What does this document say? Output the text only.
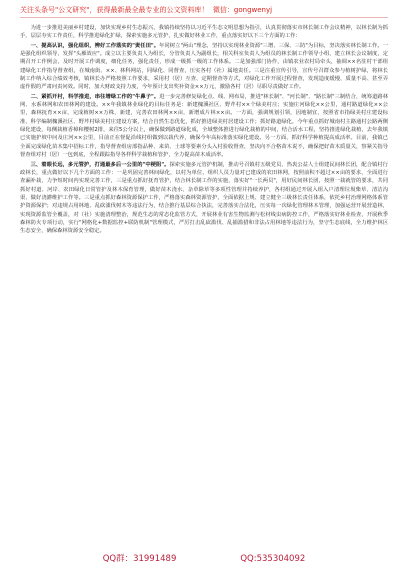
关注头条号"公文研究"，获得最新最全最专业的公文资料库！ 微信：gongwenyj

为进一步推进美丽乡村建设，加快实现乡村生态振兴，我镇持续坚持以习近平生态文明思想为指引，认真贯彻落实市林长制工作会议精神，以林长制为抓手，层层夯实工作责任，科学推进绿化扩绿，探索实施多元管护，扎实做好林业工作，重点落实好以下三个方面的工作：

一、提高认识，强化组织，辨好工作落实的"责任田"。年同树立"两山"理念，坚持以实现林业资源"三增、三保、三防"为目标，坚决落实林长制工作。一是强化组织领导，发挥"头雁效应"。成立以主要负责人为组长，分管负责人为副组长，相关科室负责人为组员的林长制工作领导小组，建立林长会议制度，定期召开工作例会，及时开展工作调度，细化任务，强化责任，形成一级抓一级的工作体系。二是加强部门协作，由镇农业农村局牵头，抽调××名驻村干部组建绿化工作指导督查组，在城南街、××、林科网站，同绿化、同督查，压实各村（社）属地责任。三是注重宣传引导，宣传号召群众参与植树护绿，将林长制工作纳入综合绩效考核，镇林长办严格按照工作要求，采用村（居）互查、定期督查等方式，对绿化工作开展过程督查，发现造度缓慢、质量不高、甚至弄虚作假的严肃问责问效。同时，加大财政支持力度，今年预计支出奖补资金××万元，激励各村（居）尽职尽责做好工作。

二、紧抓开村，科学推进，串往增绿工作的"牛鼻子"。进一步完善修复绿化点、线、网布局，推进"林长制"、"河长制"、"路长制"三制结合，统筹道路林网、水系林网和农田林网的建设。××年我镇林业绿化的目标任务是：新建槐溪社区、野芹村××个绿美村庄；实施庄河绿化××公里，通村路道绿化××公里，森林抚育××亩，完成植树××万株，新建，完善农田林网××亩，新增成片林××亩。一方面，强调规划引领，因地制宜，按照省市指绿美村庄建设标准，科学编制槐溪社区、野芹村绿美村庄建设方案，结合自然生态优化，抓好推进绿美村居建设工作；抓好路道绿化，今年重点抓好城南村主路通村公路两侧绿化建设，每侧栽植香樟和樱树2排，来往5公分以上，确保做到路道绿化成，全域整体推进行绿化栽植的中间，结合活水工程，坚持推进绿化栽植，去年我镇已实施护坡中问及庄河××公里，目前正在督促沿线村组做到以栽代养，确保今年高标准落实绿化建设。另一方面，抓好科学种植提高成活率。目前，我镇已全面完成绿化苗木集中招标工作，指导督查组房部指品种、来苗、土球等要素分头入村验收督查，坚决向不合格苗木说不，确保把好苗木质量关，察紧关指导督查组对村（居）一包到底，全程跟踪指导各样科学栽植和管护，全力提高苗木成活率。

三、着眼长远，多元管护，打通最多后一公里的"中梗阻"。探索实施多元管护机制，推动号召镇村五级党员、热衷公益人士组建民间林长团，配合镇村行政林长，重点做好以下几个方面的工作：一是巩固完善林间绿化，以村为单位，组织人员力量对已建成的农田林网，按照前积不超过××亩的要求，全面进行查漏补栽，力争短时间内实现完善工作，三是重点抓好抚育管护，结合林长制工作的实施，落实好"一长两员"，用好民间林长团，按照一栽就管的要求，共同抓好村道、河岸、农田绿化日常管护及林木保育管理，做好苗木浇水、杂草除草等多项性管理并持续养护，各村组通过开展入组入户清理垃圾柴草、清洁沟渠、做好浇灌维护工作等。三是重点抓好森林资源保护工作，严格落实森林资源管护，全面依据上规、建立健全三级林长责任体系，依托乡村治理网格体系管护资源保护；对违规占用林地、乱砍滥伐树木等违法行为，结合推行基层综合执法，完善落实合法化，压实每一次绿化管理林木管理，加强运营开展营造林，实现资源监管全覆盖，对（社）实施清理整治，规范生态的常态化监管方式，开展林业有害生物监测与松材线虫病防控工作，严格落实好林业检查，开展秋季森林防火专项行动，实行"网格化+数据监控+联防机制"管理模式，严厉打击乱砍滥伐、乱捕滥猎和非法占用林地等违法行为，坚守生态底线，全力维护林区生态安全，确保森林资源安全稳定。

QQ群：31991489	QQ:535304092
